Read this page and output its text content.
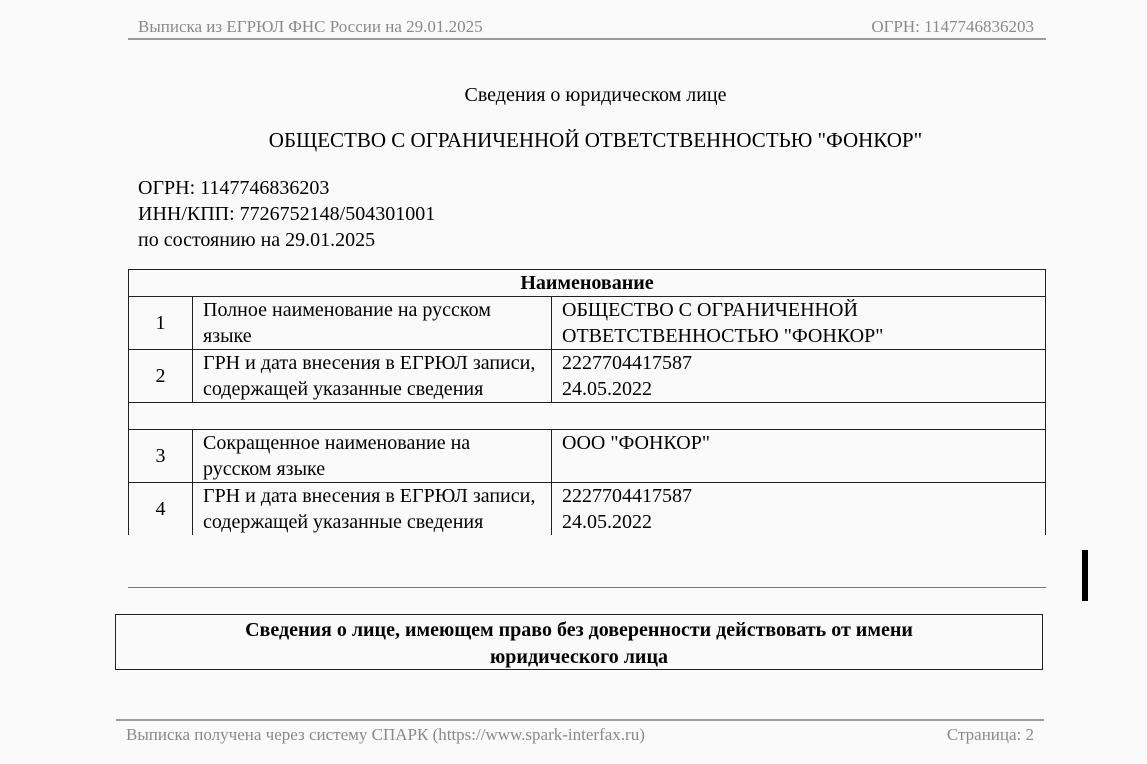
Выписка из ЕГРЮЛ ФНС России на 29.01.2025	ОГРН: 1147746836203
Сведения о юридическом лице
ОБЩЕСТВО С ОГРАНИЧЕННОЙ ОТВЕТСТВЕННОСТЬЮ "ФОНКОР"
ОГРН: 1147746836203
ИНН/КПП: 7726752148/504301001
по состоянию на 29.01.2025
Наименование		
1	Полное наименование на русском языке	ОБЩЕСТВО С ОГРАНИЧЕННОЙ
ОТВЕТСТВЕННОСТЬЮ "ФОНКОР"

2	ГРН и дата внесения в ЕГРЮЛ записи, содержащей указанные сведения	2227704417587
24.05.2022

3	Сокращенное наименование на русском языке	ООО "ФОНКОР"

4	ГРН и дата внесения в ЕГРЮЛ записи, содержащей указанные сведения	2227704417587
24.05.2022
Сведения о лице, имеющем право без доверенности действовать от имени
юридического лица
Выписка получена через систему СПАРК (https://www.spark-interfax.ru)	Страница: 2
